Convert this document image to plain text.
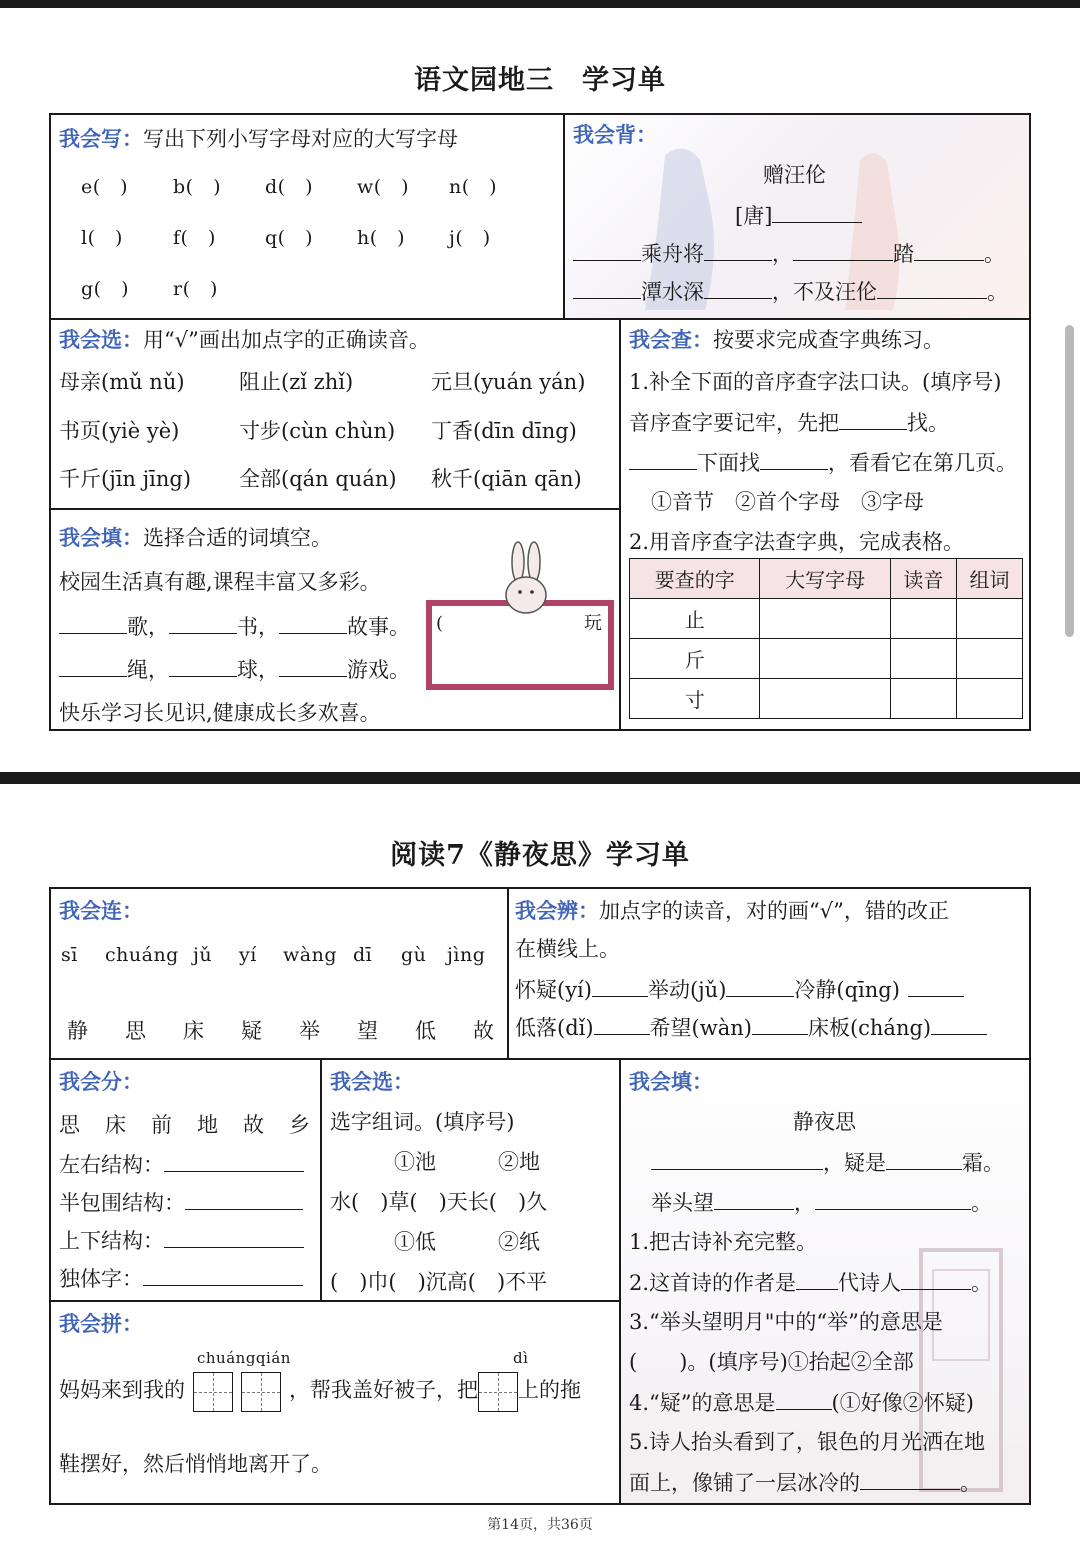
语文园地三　学习单
我会写：写出下列小写字母对应的大写字母
e(　) b(　) d(　) w(　) n(　)
l(　)	f(　)	q(　) h(　) j(　)
g(　) r(　)
我会背：
赠汪伦
[唐]
乘舟将	，	踏	。
潭水深	，不及汪伦	。
我会选：用“√”画出加点字的正确读音。
母亲(mǔ nǔ)	阻止(zǐ zhǐ)	元旦(yuán yán)
书页(yiè yè)	寸步(cùn chùn) 丁香(dīn dīng)
千斤(jīn jīng) 全部(qán quán) 秋千(qiān qān)
我会填：选择合适的词填空。
校园生活真有趣,课程丰富又多彩。
歌，	书，	故事。
绳，	球，	游戏。
快乐学习长见识,健康成长多欢喜。
(	玩
我会查：按要求完成查字典练习。
1.补全下面的音序查字法口诀。(填序号)
音序查字要记牢，先把	找。
下面找	，看看它在第几页。
①音节　②首个字母　③字母
2.用音序查字法查字典，完成表格。
要查的字	大写字母	读音	组词
止			
斤			
寸			
阅读7《静夜思》学习单
我会连：
sī chuáng jǔ yí wàng dī gù jìng
静 思 床 疑 举 望 低 故
我会辨：加点字的读音，对的画“√”，错的改正
在横线上。
怀疑(yí)	举动(jǔ)	冷静(qīng)
低落(dǐ)	希望(wàn)	床板(cháng)
我会分：
思 床 前 地 故 乡
左右结构：
半包围结构：
上下结构：
独体字：
我会选：
选字组词。(填序号)
①池	②地
水(　)草(　)天长(　)久
①低	②纸
(　)巾(　)沉高(　)不平
我会拼：
chuángqián	dì
妈妈来到我的	，帮我盖好被子，把 上的拖
鞋摆好，然后悄悄地离开了。
我会填：
静夜思
，疑是	霜。
举头望	，	。
1.把古诗补充完整。
2.这首诗的作者是 代诗人	。
3.“举头望明月"中的“举”的意思是
(　　)。(填序号)①抬起②全部
4.“疑”的意思是	(①好像②怀疑)
5.诗人抬头看到了，银色的月光洒在地
面上，像铺了一层冰冷的	。
第14页，共36页
